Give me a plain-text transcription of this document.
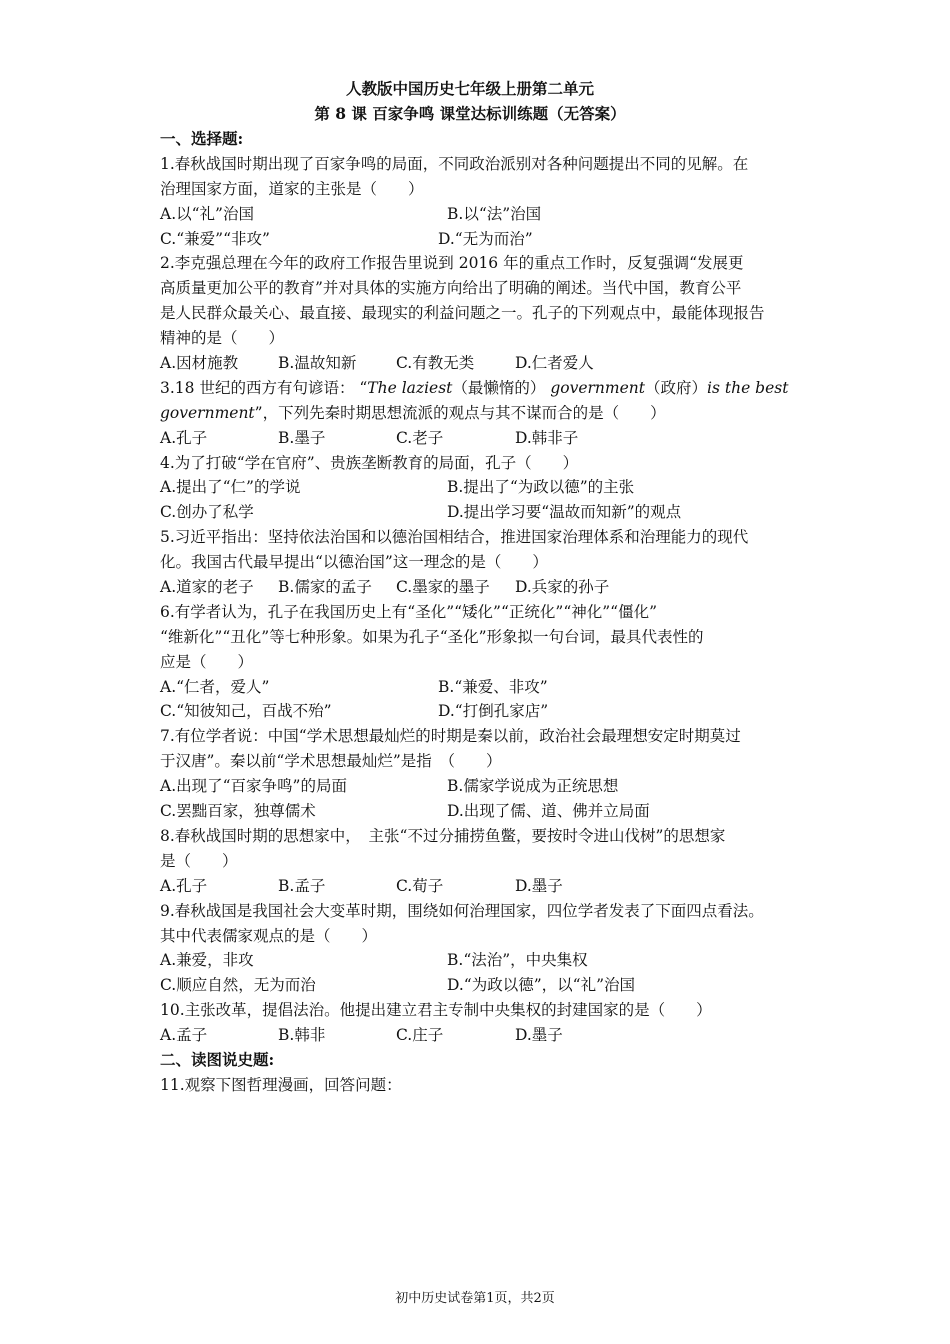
人教版中国历史七年级上册第二单元
第 8 课 百家争鸣 课堂达标训练题（无答案）
一、选择题:
1.春秋战国时期出现了百家争鸣的局面，不同政治派别对各种问题提出不同的见解。在
治理国家方面，道家的主张是（　　）
A.以“礼”治国	B.以“法”治国
C.“兼爱”“非攻”	D.“无为而治”
2.李克强总理在今年的政府工作报告里说到 2016 年的重点工作时，反复强调“发展更
高质量更加公平的教育”并对具体的实施方向给出了明确的阐述。当代中国，教育公平
是人民群众最关心、最直接、最现实的利益问题之一。孔子的下列观点中，最能体现报告
精神的是（　　）
A.因材施教	B.温故知新	C.有教无类	D.仁者爱人
3.18 世纪的西方有句谚语： “The laziest（最懒惰的） government（政府）is the best
government”，下列先秦时期思想流派的观点与其不谋而合的是（　　）
A.孔子	B.墨子	C.老子	D.韩非子
4.为了打破“学在官府”、贵族垄断教育的局面，孔子（　　）
A.提出了“仁”的学说	B.提出了“为政以德”的主张
C.创办了私学	D.提出学习要“温故而知新”的观点
5.习近平指出：坚持依法治国和以德治国相结合，推进国家治理体系和治理能力的现代
化。我国古代最早提出“以德治国”这一理念的是（　　）
A.道家的老子 B.儒家的孟子 C.墨家的墨子 D.兵家的孙子
6.有学者认为，孔子在我国历史上有“圣化”“矮化”“正统化”“神化”“僵化”
“维新化”“丑化”等七种形象。如果为孔子“圣化”形象拟一句台词，最具代表性的
应是（　　）
A.“仁者，爱人”	B.“兼爱、非攻”
C.“知彼知己，百战不殆”	D.“打倒孔家店”
7.有位学者说：中国“学术思想最灿烂的时期是秦以前，政治社会最理想安定时期莫过
于汉唐”。秦以前“学术思想最灿烂”是指　（　　）
A.出现了“百家争鸣”的局面	B.儒家学说成为正统思想
C.罢黜百家，独尊儒术	D.出现了儒、道、佛并立局面
8.春秋战国时期的思想家中，　主张“不过分捕捞鱼鳖，要按时令进山伐树”的思想家
是（　　）
A.孔子	B.孟子	C.荀子	D.墨子
9.春秋战国是我国社会大变革时期，围绕如何治理国家，四位学者发表了下面四点看法。
其中代表儒家观点的是（　　）
A.兼爱，非攻	B.“法治”，中央集权
C.顺应自然，无为而治	D.“为政以德”，以“礼”治国
10.主张改革，提倡法治。他提出建立君主专制中央集权的封建国家的是（　　）
A.孟子	B.韩非	C.庄子	D.墨子
二、读图说史题:
11.观察下图哲理漫画，回答问题：
初中历史试卷第1页，共2页
